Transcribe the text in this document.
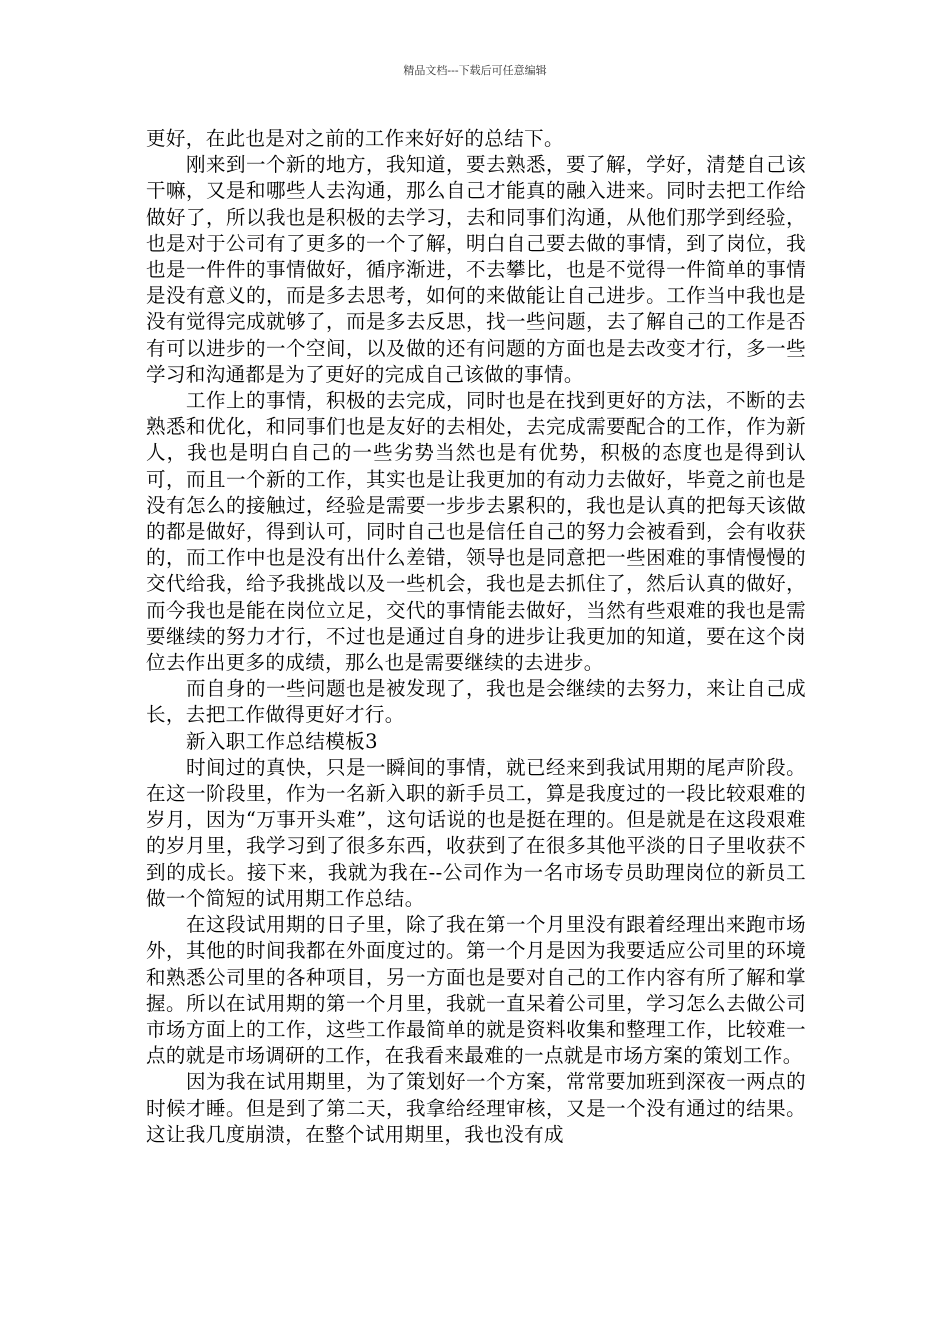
精品文档---下载后可任意编辑

更好，在此也是对之前的工作来好好的总结下。

刚来到一个新的地方，我知道，要去熟悉，要了解，学好，清楚自己该干嘛，又是和哪些人去沟通，那么自己才能真的融入进来。同时去把工作给做好了，所以我也是积极的去学习，去和同事们沟通，从他们那学到经验，也是对于公司有了更多的一个了解，明白自己要去做的事情，到了岗位，我也是一件件的事情做好，循序渐进，不去攀比，也是不觉得一件简单的事情是没有意义的，而是多去思考，如何的来做能让自己进步。工作当中我也是没有觉得完成就够了，而是多去反思，找一些问题，去了解自己的工作是否有可以进步的一个空间，以及做的还有问题的方面也是去改变才行，多一些学习和沟通都是为了更好的完成自己该做的事情。

工作上的事情，积极的去完成，同时也是在找到更好的方法，不断的去熟悉和优化，和同事们也是友好的去相处，去完成需要配合的工作，作为新人，我也是明白自己的一些劣势当然也是有优势，积极的态度也是得到认可，而且一个新的工作，其实也是让我更加的有动力去做好，毕竟之前也是没有怎么的接触过，经验是需要一步步去累积的，我也是认真的把每天该做的都是做好，得到认可，同时自己也是信任自己的努力会被看到，会有收获的，而工作中也是没有出什么差错，领导也是同意把一些困难的事情慢慢的交代给我，给予我挑战以及一些机会，我也是去抓住了，然后认真的做好，而今我也是能在岗位立足，交代的事情能去做好，当然有些艰难的我也是需要继续的努力才行，不过也是通过自身的进步让我更加的知道，要在这个岗位去作出更多的成绩，那么也是需要继续的去进步。

而自身的一些问题也是被发现了，我也是会继续的去努力，来让自己成长，去把工作做得更好才行。

新入职工作总结模板3

时间过的真快，只是一瞬间的事情，就已经来到我试用期的尾声阶段。在这一阶段里，作为一名新入职的新手员工，算是我度过的一段比较艰难的岁月，因为“万事开头难”，这句话说的也是挺在理的。但是就是在这段艰难的岁月里，我学习到了很多东西，收获到了在很多其他平淡的日子里收获不到的成长。接下来，我就为我在--公司作为一名市场专员助理岗位的新员工做一个简短的试用期工作总结。

在这段试用期的日子里，除了我在第一个月里没有跟着经理出来跑市场外，其他的时间我都在外面度过的。第一个月是因为我要适应公司里的环境和熟悉公司里的各种项目，另一方面也是要对自己的工作内容有所了解和掌握。所以在试用期的第一个月里，我就一直呆着公司里，学习怎么去做公司市场方面上的工作，这些工作最简单的就是资料收集和整理工作，比较难一点的就是市场调研的工作，在我看来最难的一点就是市场方案的策划工作。

因为我在试用期里，为了策划好一个方案，常常要加班到深夜一两点的时候才睡。但是到了第二天，我拿给经理审核，又是一个没有通过的结果。这让我几度崩溃，在整个试用期里，我也没有成
